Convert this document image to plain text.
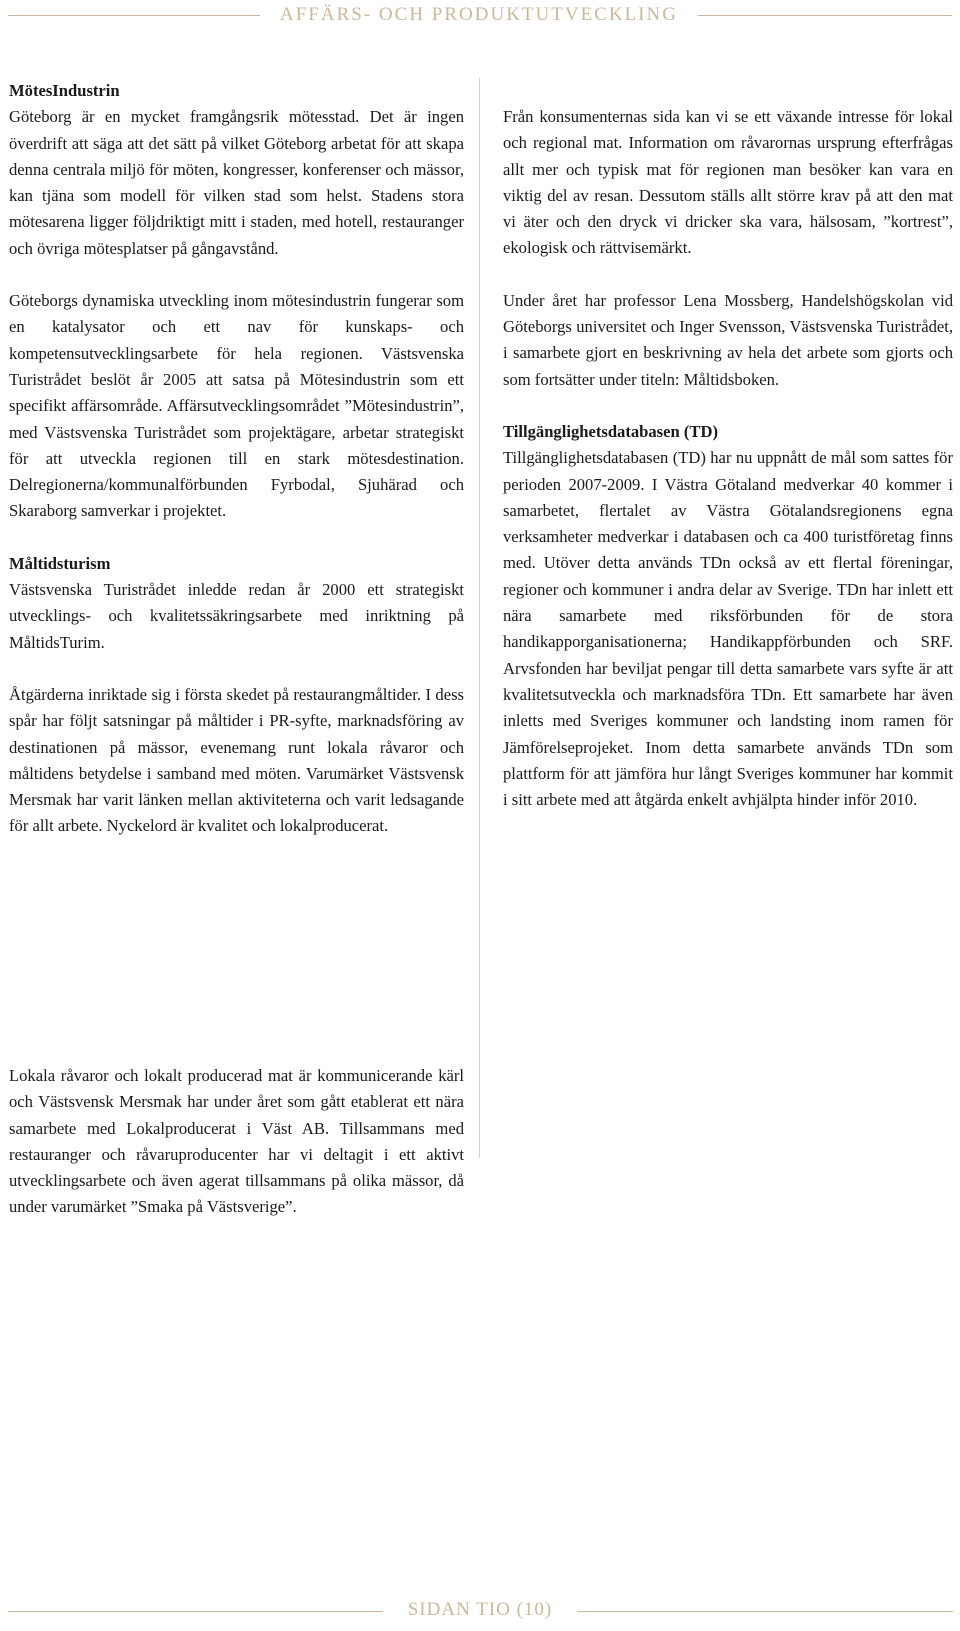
AFFÄRS- OCH PRODUKTUTVECKLING
MötesIndustrin

Göteborg är en mycket framgångsrik mötesstad. Det är ingen överdrift att säga att det sätt på vilket Göteborg arbetat för att skapa denna centrala miljö för möten, kongresser, konferenser och mässor, kan tjäna som modell för vilken stad som helst. Stadens stora mötesarena ligger följdriktigt mitt i staden, med hotell, restauranger och övriga mötesplatser på gångavstånd.

Göteborgs dynamiska utveckling inom mötesindustrin fungerar som en katalysator och ett nav för kunskaps- och kompetensutvecklingsarbete för hela regionen. Västsvenska Turistrådet beslöt år 2005 att satsa på Mötesindustrin som ett specifikt affärsområde. Affärsutvecklingsområdet ”Mötesindustrin”, med Västsvenska Turistrådet som projektägare, arbetar strategiskt för att utveckla regionen till en stark mötesdestination. Delregionerna/kommunalförbunden Fyrbodal, Sjuhärad och Skaraborg samverkar i projektet.

Måltidsturism

Västsvenska Turistrådet inledde redan år 2000 ett strategiskt utvecklings- och kvalitetssäkringsarbete med inriktning på MåltidsTurim.

Åtgärderna inriktade sig i första skedet på restaurangmåltider. I dess spår har följt satsningar på måltider i PR-syfte, marknadsföring av destinationen på mässor, evenemang runt lokala råvaror och måltidens betydelse i samband med möten. Varumärket Västsvensk Mersmak har varit länken mellan aktiviteterna och varit ledsagande för allt arbete. Nyckelord är kvalitet och lokalproducerat.

Från konsumenternas sida kan vi se ett växande intresse för lokal och regional mat. Information om råvarornas ursprung efterfrågas allt mer och typisk mat för regionen man besöker kan vara en viktig del av resan. Dessutom ställs allt större krav på att den mat vi äter och den dryck vi dricker ska vara, hälsosam, ”kortrest”, ekologisk och rättvisemärkt.

Under året har professor Lena Mossberg, Handelshögskolan vid Göteborgs universitet och Inger Svensson, Västsvenska Turistrådet, i samarbete gjort en beskrivning av hela det arbete som gjorts och som fortsätter under titeln: Måltidsboken.

Tillgänglighetsdatabasen (TD)

Tillgänglighetsdatabasen (TD) har nu uppnått de mål som sattes för perioden 2007-2009. I Västra Götaland medverkar 40 kommer i samarbetet, flertalet av Västra Götalandsregionens egna verksamheter medverkar i databasen och ca 400 turistföretag finns med. Utöver detta används TDn också av ett flertal föreningar, regioner och kommuner i andra delar av Sverige. TDn har inlett ett nära samarbete med riksförbunden för de stora handikapporganisationerna; Handikappförbunden och SRF. Arvsfonden har beviljat pengar till detta samarbete vars syfte är att kvalitetsutveckla och marknadsföra TDn. Ett samarbete har även inletts med Sveriges kommuner och landsting inom ramen för Jämförelseprojeket. Inom detta samarbete används TDn som plattform för att jämföra hur långt Sveriges kommuner har kommit i sitt arbete med att åtgärda enkelt avhjälpta hinder inför 2010.

Lokala råvaror och lokalt producerad mat är kommunicerande kärl och Västsvensk Mersmak har under året som gått etablerat ett nära samarbete med Lokalproducerat i Väst AB. Tillsammans med restauranger och råvaruproducenter har vi deltagit i ett aktivt utvecklingsarbete och även agerat tillsammans på olika mässor, då under varumärket ”Smaka på Västsverige”.
SIDAN TIO (10)
